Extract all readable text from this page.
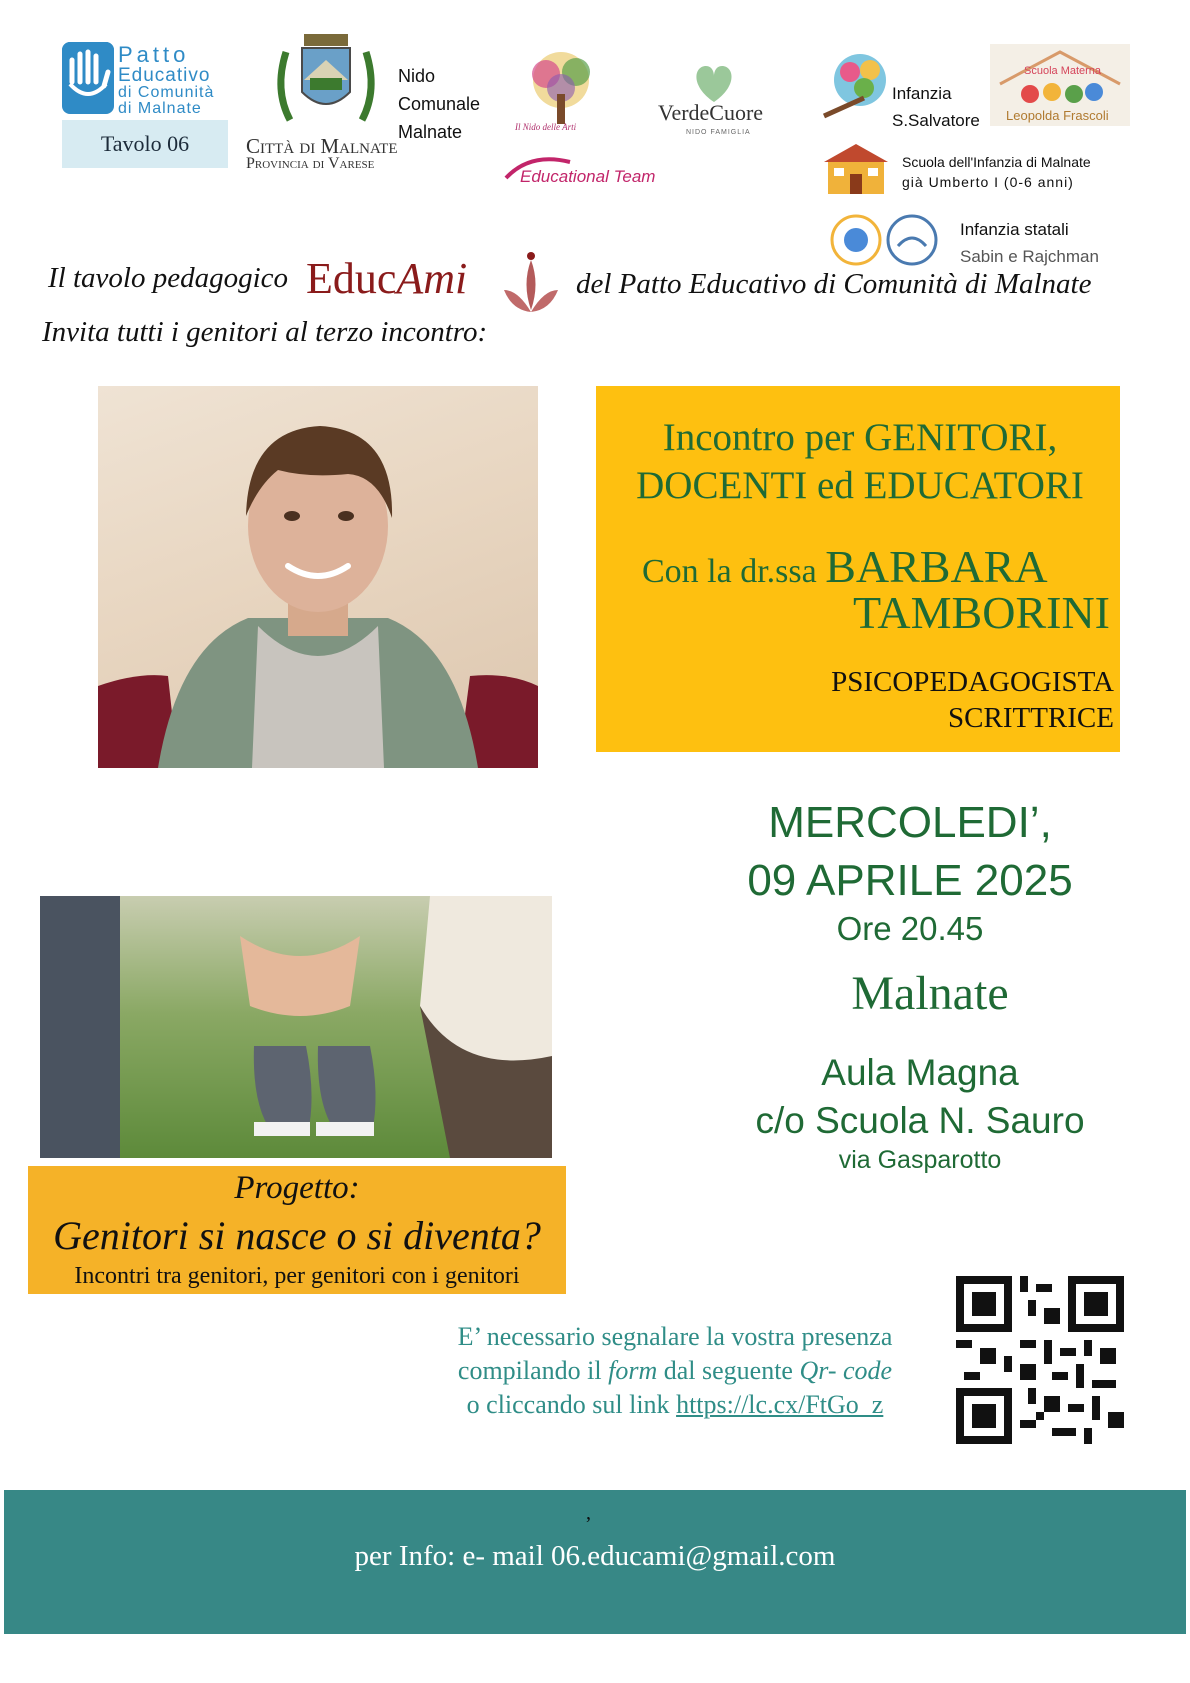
Patto
Educativo
di Comunità
di Malnate
Tavolo 06	Città di Malnate
Provincia di Varese
Nido
Comunale
Malnate	Il Nido delle Arti
Educational Team
VerdeCuore
NIDO FAMIGLIA
Infanzia
S.Salvatore
Scuola Materna
Leopolda Frascoli
Scuola dell'Infanzia di Malnate
già Umberto I (0-6 anni)
Infanzia statali
Sabin e Rajchman
Il tavolo pedagogico EducAmi	del Patto Educativo di Comunità di Malnate
Invita tutti i genitori al terzo incontro:
Incontro per GENITORI,
DOCENTI ed EDUCATORI
Con la dr.ssa BARBARA
TAMBORINI
PSICOPEDAGOGISTA
SCRITTRICE
MERCOLEDI’,
09 APRILE 2025
Ore 20.45
Malnate
Aula Magna
c/o Scuola N. Sauro
via Gasparotto
Progetto:
Genitori si nasce o si diventa?
Incontri tra genitori, per genitori con i genitori
E’ necessario segnalare la vostra presenza
compilando il form dal seguente Qr- code
o cliccando sul link https://lc.cx/FtGo_z
,
per Info: e- mail 06.educami@gmail.com
